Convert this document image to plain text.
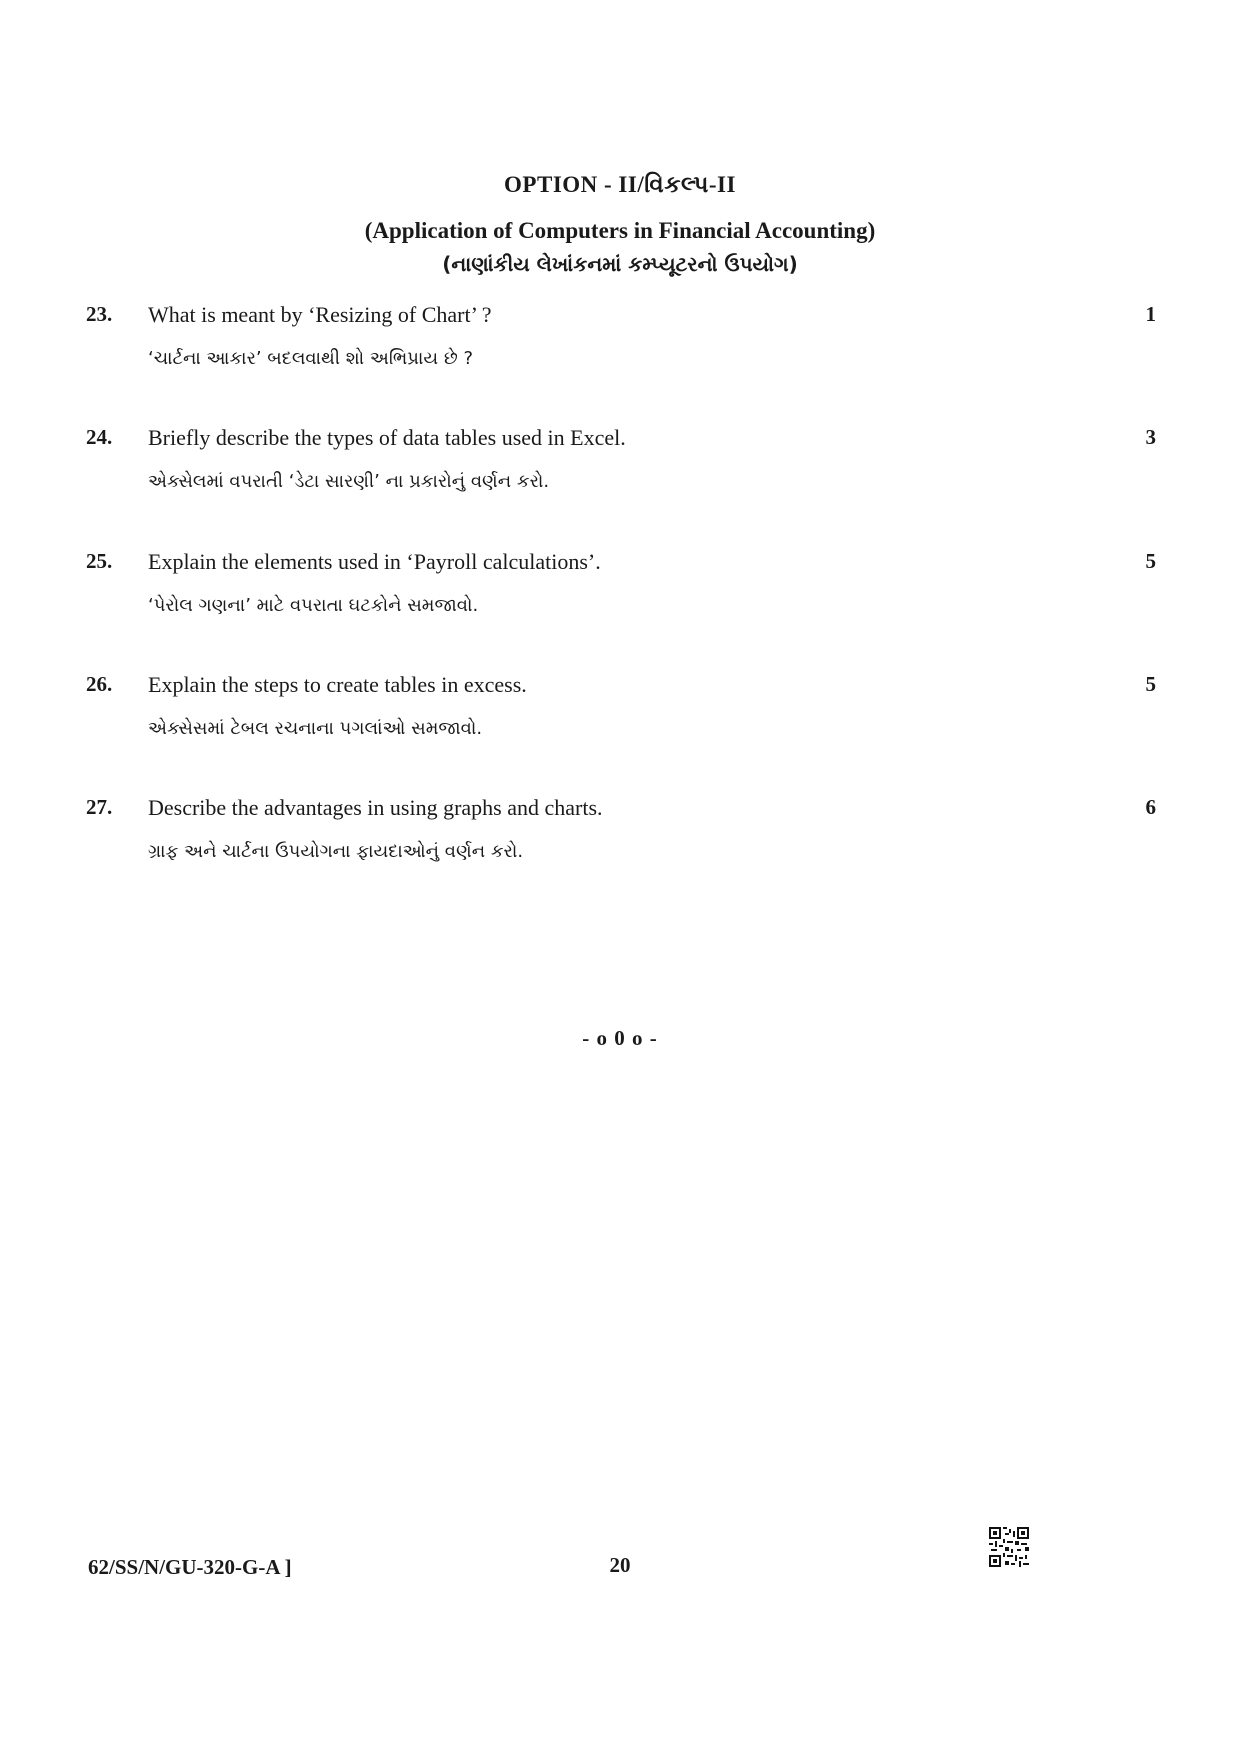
OPTION - II/વિકલ્પ-II
(Application of Computers in Financial Accounting)
(નાણાંકીય લેખાંકનમાં કમ્પ્યૂટરનો ઉપયોગ)
23. What is meant by ‘Resizing of Chart’ ?
‘ચાર્ટના આકાર’ બદલવાથી શો અભિપ્રાય છે ?
1
24. Briefly describe the types of data tables used in Excel.
એક્સેલમાં વપરાતી ‘ડેટા સારણી’ ના પ્રકારોનું વર્ણન કરો.
3
25. Explain the elements used in ‘Payroll calculations’.
‘પેરોલ ગણના’ માટે વપરાતા ઘટકોને સમજાવો.
5
26. Explain the steps to create tables in excess.
એક્સેસમાં ટેબલ રચનાના પગલાંઓ સમજાવો.
5
27. Describe the advantages in using graphs and charts.
ગ્રાફ અને ચાર્ટના ઉપયોગના ફાયદાઓનું વર્ણન કરો.
6
- o 0 o -
62/SS/N/GU-320-G-A ]	20
